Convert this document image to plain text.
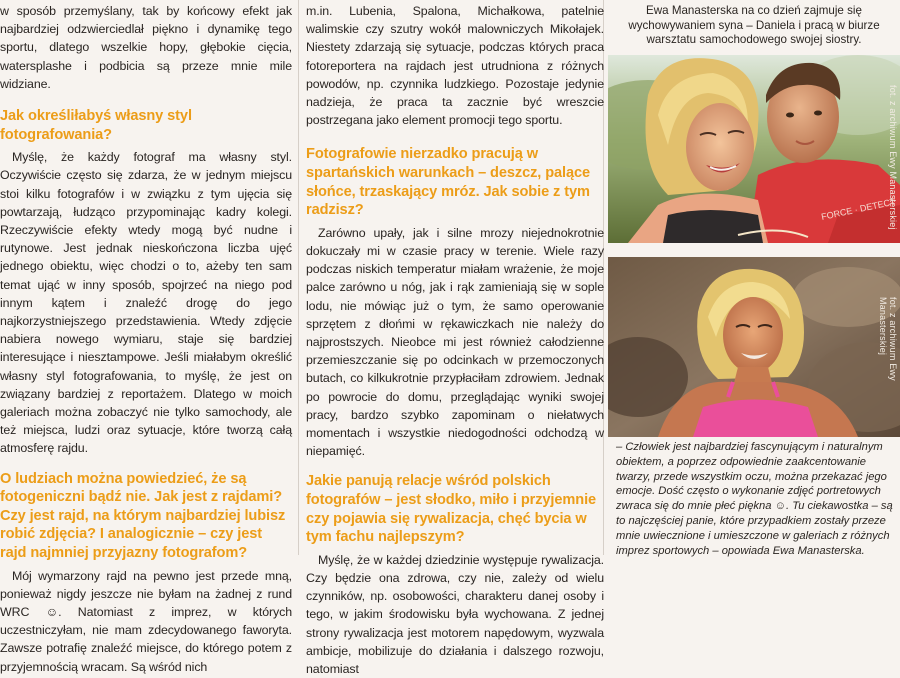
w sposób przemyślany, tak by końcowy efekt jak najbardziej odzwierciedlał piękno i dynamikę tego sportu, dlatego wszelkie hopy, głębokie cięcia, watersplashe i podbicia są przeze mnie mile widziane.

Jak określiłabyś własny styl fotografowania?

Myślę, że każdy fotograf ma własny styl. Oczywiście często się zdarza, że w jednym miejscu stoi kilku fotografów i w związku z tym ujęcia się powtarzają, łudząco przypominając kadry kolegi. Rzeczywiście efekty wtedy mogą być nudne i rutynowe. Jest jednak nieskończona liczba ujęć jednego obiektu, więc chodzi o to, ażeby ten sam temat ująć w inny sposób, spojrzeć na niego pod innym kątem i znaleźć drogę do jego najkorzystniejszego przedstawienia. Wtedy zdjęcie nabiera nowego wymiaru, staje się bardziej interesujące i niesztampowe. Jeśli miałabym określić własny styl fotografowania, to myślę, że jest on związany bardziej z reportażem. Dlatego w moich galeriach można zobaczyć nie tylko samochody, ale też miejsca, ludzi oraz sytuacje, które tworzą całą atmosferę rajdu.

O ludziach można powiedzieć, że są fotogeniczni bądź nie. Jak jest z rajdami? Czy jest rajd, na którym najbardziej lubisz robić zdjęcia? I analogicznie – czy jest rajd najmniej przyjazny fotografom?

Mój wymarzony rajd na pewno jest przede mną, ponieważ nigdy jeszcze nie byłam na żadnej z rund WRC ☺. Natomiast z imprez, w których uczestniczyłam, nie mam zdecydowanego faworyta. Zawsze potrafię znaleźć miejsce, do którego potem z przyjemnością wracam. Są wśród nich

m.in. Lubenia, Spalona, Michałkowa, patelnie walimskie czy szutry wokół malowniczych Mikołajek. Niestety zdarzają się sytuacje, podczas których praca fotoreportera na rajdach jest utrudniona z różnych powodów, np. czynnika ludzkiego. Pozostaje jedynie nadzieja, że praca ta zacznie być wreszcie postrzegana jako element promocji tego sportu.

Fotografowie nierzadko pracują w spartańskich warunkach – deszcz, palące słońce, trzaskający mróz. Jak sobie z tym radzisz?

Zarówno upały, jak i silne mrozy niejednokrotnie dokuczały mi w czasie pracy w terenie. Wiele razy podczas niskich temperatur miałam wrażenie, że moje palce zarówno u nóg, jak i rąk zamieniają się w sople lodu, nie mówiąc już o tym, że samo operowanie sprzętem z dłońmi w rękawiczkach nie należy do najprostszych. Nieobce mi jest również całodzienne przemieszczanie się po odcinkach w przemoczonych butach, co kilkukrotnie przypłaciłam zdrowiem. Jednak po powrocie do domu, przeglądając wyniki swojej pracy, bardzo szybko zapominam o niełatwych momentach i wszystkie niedogodności odchodzą w niepamięć.

Jakie panują relacje wśród polskich fotografów – jest słodko, miło i przyjemnie czy pojawia się rywalizacja, chęć bycia w tym fachu najlepszym?

Myślę, że w każdej dziedzinie występuje rywalizacja. Czy będzie ona zdrowa, czy nie, zależy od wielu czynników, np. osobowości, charakteru danej osoby i tego, w jakim środowisku była wychowana. Z jednej strony rywalizacja jest motorem napędowym, wyzwala ambicje, mobilizuje do działania i dalszego rozwoju, natomiast

Ewa Manasterska na co dzień zajmuje się wychowywaniem syna – Daniela i pracą w biurze warsztatu samochodowego swojej siostry.
FORCE · DETECT
fot. z archiwum Ewy Manasterskiej
fot. z archiwum Ewy Manasterskiej
– Człowiek jest najbardziej fascynującym i naturalnym obiektem, a poprzez odpowiednie zaakcentowanie twarzy, przede wszystkim oczu, można przekazać jego emocje. Dość często o wykonanie zdjęć portretowych zwraca się do mnie płeć piękna ☺. Tu ciekawostka – są to najczęściej panie, które przypadkiem zostały przeze mnie uwiecznione i umieszczone w galeriach z różnych imprez sportowych – opowiada Ewa Manasterska.
